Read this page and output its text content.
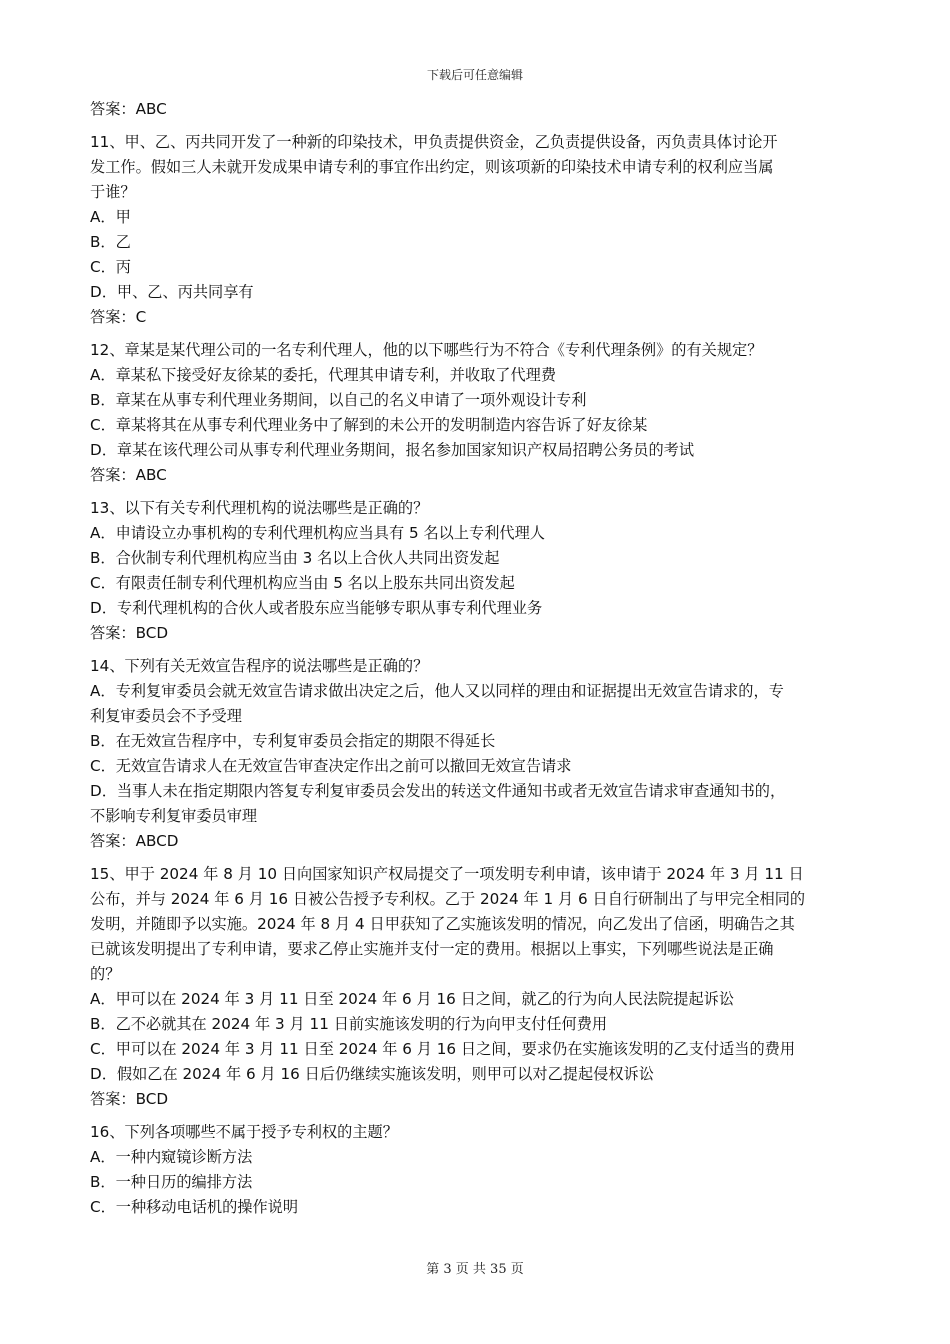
下载后可任意编辑
答案：ABC
11、甲、乙、丙共同开发了一种新的印染技术，甲负责提供资金，乙负责提供设备，丙负责具体讨论开
发工作。假如三人未就开发成果申请专利的事宜作出约定，则该项新的印染技术申请专利的权利应当属
于谁？
A．甲
B．乙
C．丙
D．甲、乙、丙共同享有
答案：C
12、章某是某代理公司的一名专利代理人，他的以下哪些行为不符合《专利代理条例》的有关规定？
A．章某私下接受好友徐某的委托，代理其申请专利，并收取了代理费
B．章某在从事专利代理业务期间，以自己的名义申请了一项外观设计专利
C．章某将其在从事专利代理业务中了解到的未公开的发明制造内容告诉了好友徐某
D．章某在该代理公司从事专利代理业务期间，报名参加国家知识产权局招聘公务员的考试
答案：ABC
13、以下有关专利代理机构的说法哪些是正确的？
A．申请设立办事机构的专利代理机构应当具有 5 名以上专利代理人
B．合伙制专利代理机构应当由 3 名以上合伙人共同出资发起
C．有限责任制专利代理机构应当由 5 名以上股东共同出资发起
D．专利代理机构的合伙人或者股东应当能够专职从事专利代理业务
答案：BCD
14、下列有关无效宣告程序的说法哪些是正确的？
A．专利复审委员会就无效宣告请求做出决定之后，他人又以同样的理由和证据提出无效宣告请求的，专
利复审委员会不予受理
B．在无效宣告程序中，专利复审委员会指定的期限不得延长
C．无效宣告请求人在无效宣告审查决定作出之前可以撤回无效宣告请求
D．当事人未在指定期限内答复专利复审委员会发出的转送文件通知书或者无效宣告请求审查通知书的，
不影响专利复审委员审理
答案：ABCD
15、甲于 2024 年 8 月 10 日向国家知识产权局提交了一项发明专利申请，该申请于 2024 年 3 月 11 日
公布，并与 2024 年 6 月 16 日被公告授予专利权。乙于 2024 年 1 月 6 日自行研制出了与甲完全相同的
发明，并随即予以实施。2024 年 8 月 4 日甲获知了乙实施该发明的情况，向乙发出了信函，明确告之其
已就该发明提出了专利申请，要求乙停止实施并支付一定的费用。根据以上事实，下列哪些说法是正确
的？
A．甲可以在 2024 年 3 月 11 日至 2024 年 6 月 16 日之间，就乙的行为向人民法院提起诉讼
B．乙不必就其在 2024 年 3 月 11 日前实施该发明的行为向甲支付任何费用
C．甲可以在 2024 年 3 月 11 日至 2024 年 6 月 16 日之间，要求仍在实施该发明的乙支付适当的费用
D．假如乙在 2024 年 6 月 16 日后仍继续实施该发明，则甲可以对乙提起侵权诉讼
答案：BCD
16、下列各项哪些不属于授予专利权的主题？
A．一种内窥镜诊断方法
B．一种日历的编排方法
C．一种移动电话机的操作说明
第 3 页 共 35 页
